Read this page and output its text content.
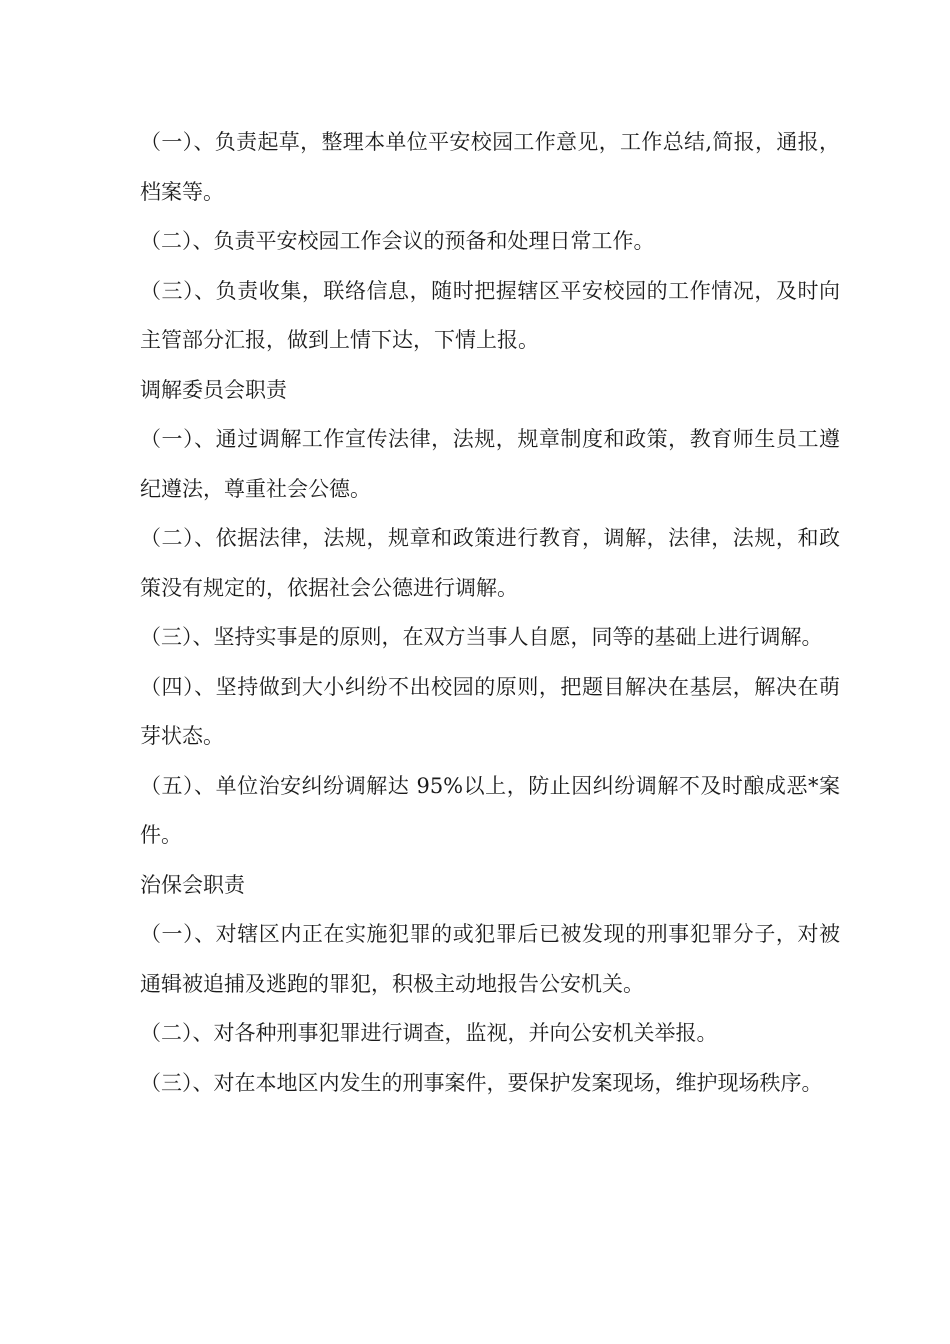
（一）、负责起草，整理本单位平安校园工作意见，工作总结,简报，通报，档案等。

（二）、负责平安校园工作会议的预备和处理日常工作。

（三）、负责收集，联络信息，随时把握辖区平安校园的工作情况，及时向主管部分汇报，做到上情下达，下情上报。

调解委员会职责

（一）、通过调解工作宣传法律，法规，规章制度和政策，教育师生员工遵纪遵法，尊重社会公德。

（二）、依据法律，法规，规章和政策进行教育，调解，法律，法规，和政策没有规定的，依据社会公德进行调解。

（三）、坚持实事是的原则，在双方当事人自愿，同等的基础上进行调解。

（四）、坚持做到大小纠纷不出校园的原则，把题目解决在基层，解决在萌芽状态。

（五）、单位治安纠纷调解达 95%以上，防止因纠纷调解不及时酿成恶*案件。

治保会职责

（一）、对辖区内正在实施犯罪的或犯罪后已被发现的刑事犯罪分子，对被通辑被追捕及逃跑的罪犯，积极主动地报告公安机关。

（二）、对各种刑事犯罪进行调查，监视，并向公安机关举报。

（三）、对在本地区内发生的刑事案件，要保护发案现场，维护现场秩序。
